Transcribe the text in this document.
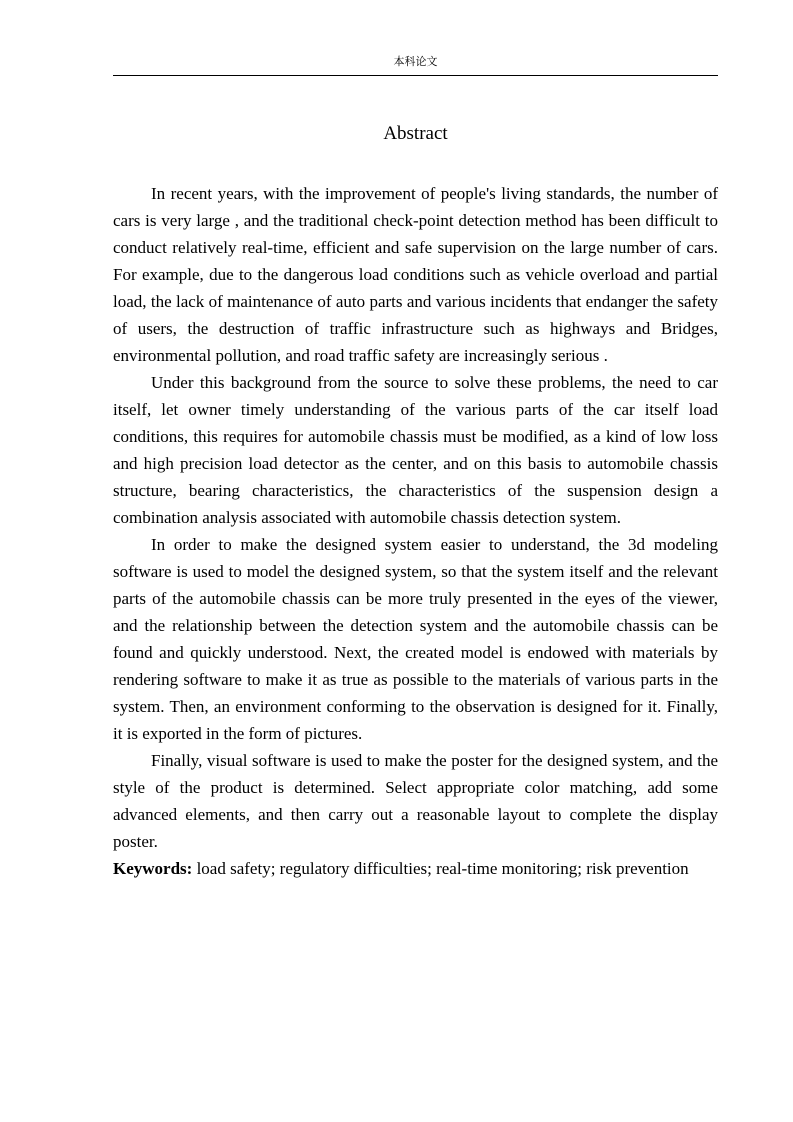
本科论文
Abstract

In recent years, with the improvement of people's living standards, the number of cars is very large , and the traditional check-point detection method has been difficult to conduct relatively real-time, efficient and safe supervision on the large number of cars. For example, due to the dangerous load conditions such as vehicle overload and partial load, the lack of maintenance of auto parts and various incidents that endanger the safety of users, the destruction of traffic infrastructure such as highways and Bridges, environmental pollution, and road traffic safety are increasingly serious .

Under this background from the source to solve these problems, the need to car itself, let owner timely understanding of the various parts of the car itself load conditions, this requires for automobile chassis must be modified, as a kind of low loss and high precision load detector as the center, and on this basis to automobile chassis structure, bearing characteristics, the characteristics of the suspension design a combination analysis associated with automobile chassis detection system.

In order to make the designed system easier to understand, the 3d modeling software is used to model the designed system, so that the system itself and the relevant parts of the automobile chassis can be more truly presented in the eyes of the viewer, and the relationship between the detection system and the automobile chassis can be found and quickly understood. Next, the created model is endowed with materials by rendering software to make it as true as possible to the materials of various parts in the system. Then, an environment conforming to the observation is designed for it. Finally, it is exported in the form of pictures.

Finally, visual software is used to make the poster for the designed system, and the style of the product is determined. Select appropriate color matching, add some advanced elements, and then carry out a reasonable layout to complete the display poster.

Keywords: load safety; regulatory difficulties; real-time monitoring; risk prevention
